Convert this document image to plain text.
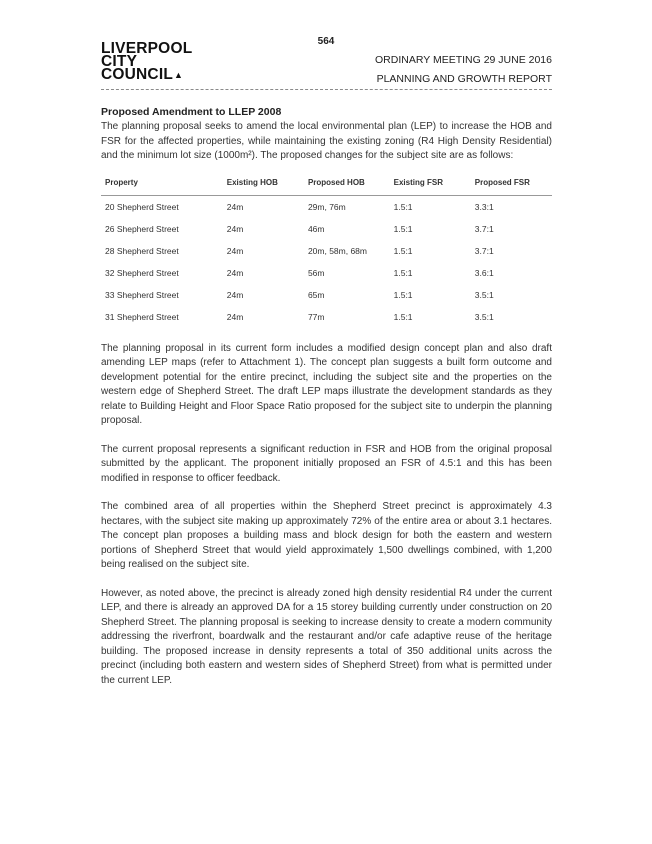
564
LIVERPOOL
CITY
COUNCIL▲
ORDINARY MEETING 29 JUNE 2016
PLANNING AND GROWTH REPORT
Proposed Amendment to LLEP 2008

The planning proposal seeks to amend the local environmental plan (LEP) to increase the HOB and FSR for the affected properties, while maintaining the existing zoning (R4 High Density Residential) and the minimum lot size (1000m²). The proposed changes for the subject site are as follows:

Property	Existing HOB	Proposed HOB	Existing FSR	Proposed FSR
20 Shepherd Street	24m	29m, 76m	1.5:1	3.3:1
26 Shepherd Street	24m	46m	1.5:1	3.7:1
28 Shepherd Street	24m	20m, 58m, 68m	1.5:1	3.7:1
32 Shepherd Street	24m	56m	1.5:1	3.6:1
33 Shepherd Street	24m	65m	1.5:1	3.5:1
31 Shepherd Street	24m	77m	1.5:1	3.5:1

The planning proposal in its current form includes a modified design concept plan and also draft amending LEP maps (refer to Attachment 1). The concept plan suggests a built form outcome and development potential for the entire precinct, including the subject site and the properties on the western edge of Shepherd Street. The draft LEP maps illustrate the development standards as they relate to Building Height and Floor Space Ratio proposed for the subject site to underpin the planning proposal.

The current proposal represents a significant reduction in FSR and HOB from the original proposal submitted by the applicant. The proponent initially proposed an FSR of 4.5:1 and this has been modified in response to officer feedback.

The combined area of all properties within the Shepherd Street precinct is approximately 4.3 hectares, with the subject site making up approximately 72% of the entire area or about 3.1 hectares. The concept plan proposes a building mass and block design for both the eastern and western portions of Shepherd Street that would yield approximately 1,500 dwellings combined, with 1,200 being realised on the subject site.

However, as noted above, the precinct is already zoned high density residential R4 under the current LEP, and there is already an approved DA for a 15 storey building currently under construction on 20 Shepherd Street. The planning proposal is seeking to increase density to create a modern community addressing the riverfront, boardwalk and the restaurant and/or cafe adaptive reuse of the heritage building. The proposed increase in density represents a total of 350 additional units across the precinct (including both eastern and western sides of Shepherd Street) from what is permitted under the current LEP.
